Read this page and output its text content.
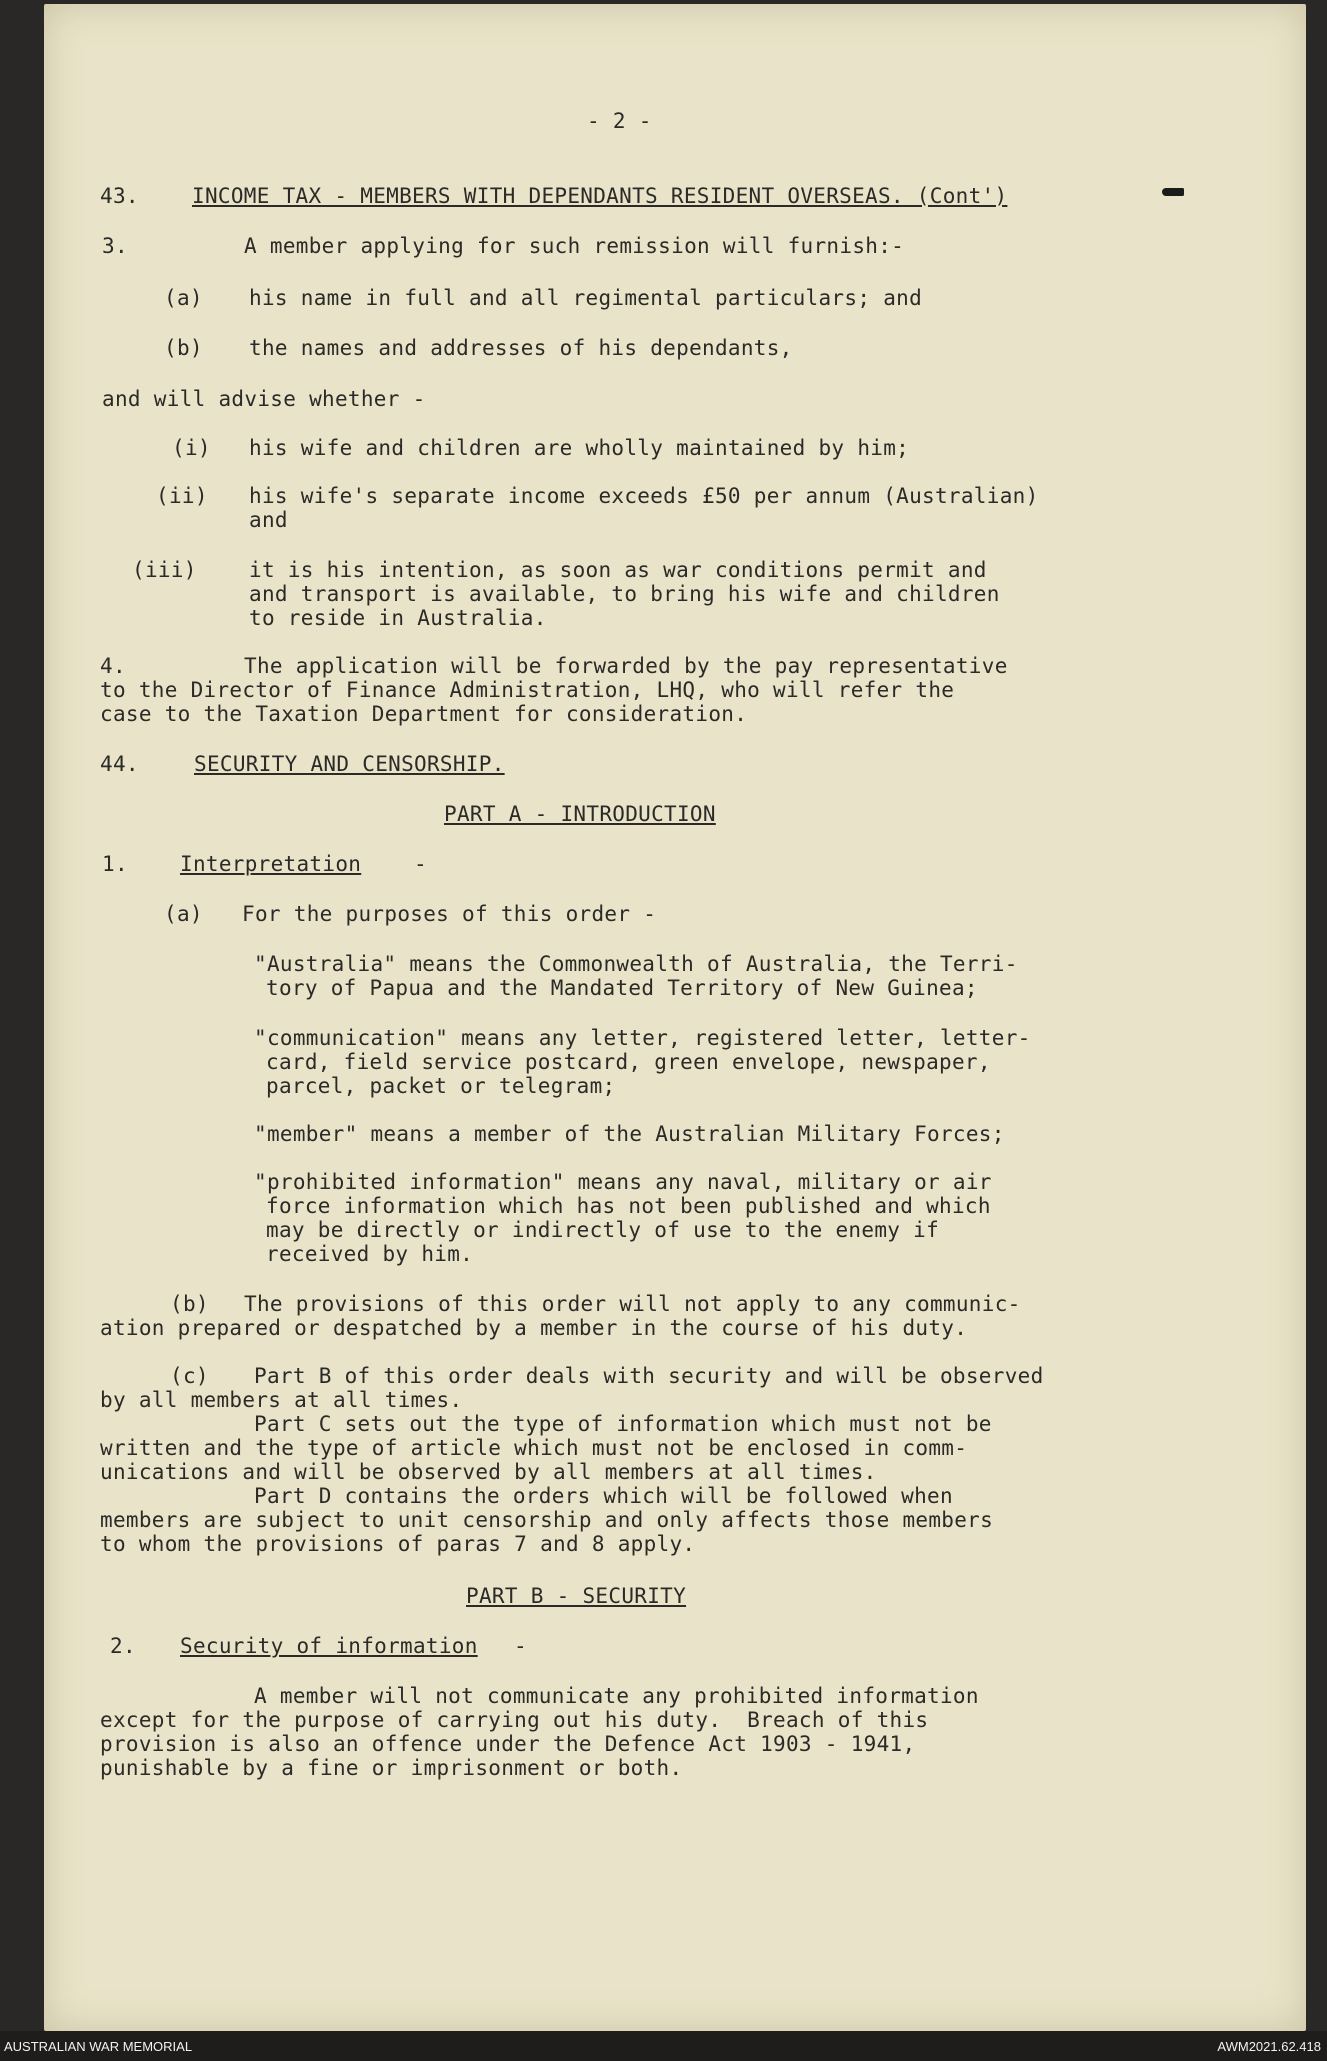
- 2 -
43.	INCOME TAX - MEMBERS WITH DEPENDANTS RESIDENT OVERSEAS. (Cont')
3.	A member applying for such remission will furnish:-
(a) his name in full and all regimental particulars; and
(b) the names and addresses of his dependants,
and will advise whether -
(i) his wife and children are wholly maintained by him;
(ii) his wife's separate income exceeds £50 per annum (Australian)
and
(iii) it is his intention, as soon as war conditions permit and
and transport is available, to bring his wife and children
to reside in Australia.
4.	The application will be forwarded by the pay representative
to the Director of Finance Administration, LHQ, who will refer the
case to the Taxation Department for consideration.
44.	SECURITY AND CENSORSHIP.
PART A - INTRODUCTION
1. Interpretation	-
(a) For the purposes of this order -
"Australia" means the Commonwealth of Australia, the Terri-
tory of Papua and the Mandated Territory of New Guinea;
"communication" means any letter, registered letter, letter-
card, field service postcard, green envelope, newspaper,
parcel, packet or telegram;
"member" means a member of the Australian Military Forces;
"prohibited information" means any naval, military or air
force information which has not been published and which
may be directly or indirectly of use to the enemy if
received by him.
(b) The provisions of this order will not apply to any communic-
ation prepared or despatched by a member in the course of his duty.
(c) Part B of this order deals with security and will be observed
by all members at all times.
Part C sets out the type of information which must not be
written and the type of article which must not be enclosed in comm-
unications and will be observed by all members at all times.
Part D contains the orders which will be followed when
members are subject to unit censorship and only affects those members
to whom the provisions of paras 7 and 8 apply.
PART B - SECURITY
2. Security of information -
A member will not communicate any prohibited information
except for the purpose of carrying out his duty.  Breach of this
provision is also an offence under the Defence Act 1903 - 1941,
punishable by a fine or imprisonment or both.
AUSTRALIAN WAR MEMORIAL	AWM2021.62.418
